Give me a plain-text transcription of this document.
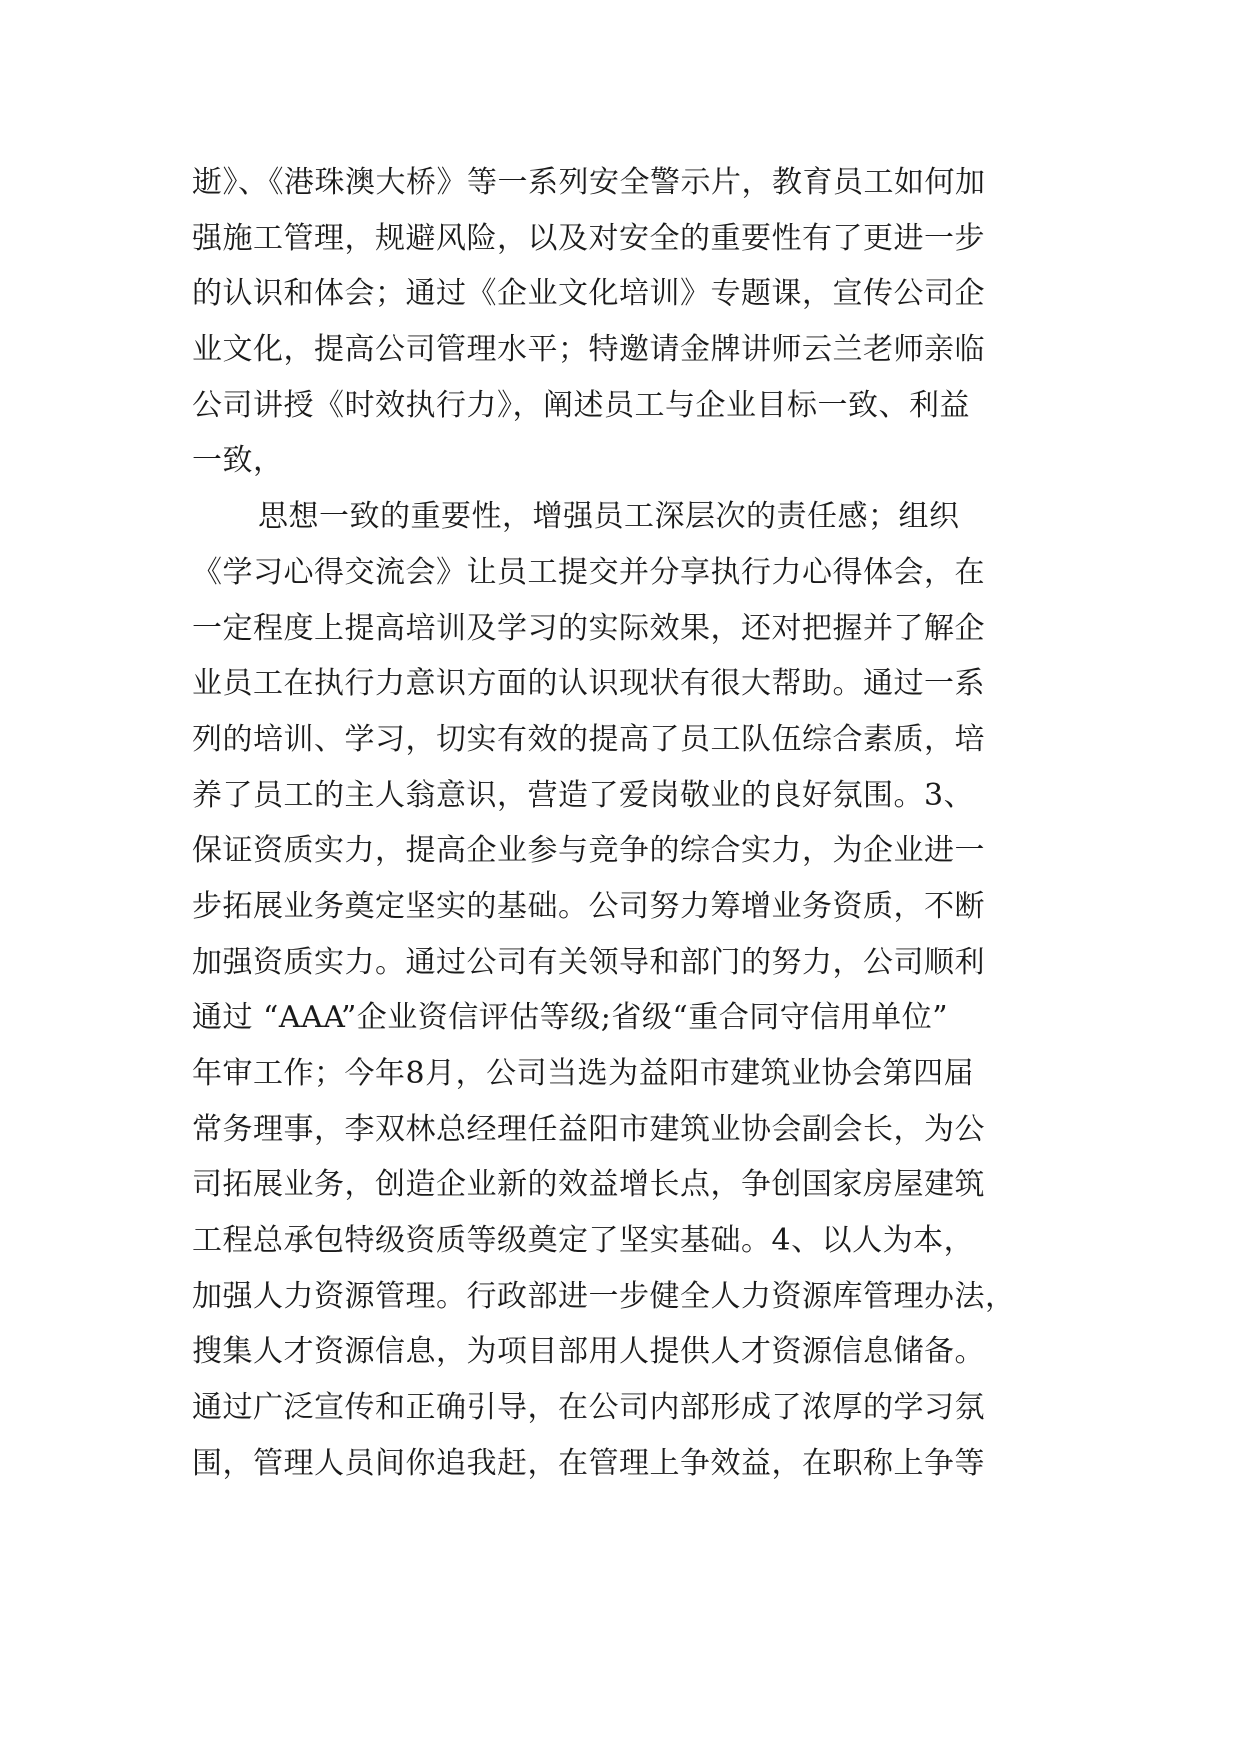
逝》、《港珠澳大桥》等一系列安全警示片，教育员工如何加
强施工管理，规避风险，以及对安全的重要性有了更进一步
的认识和体会；通过《企业文化培训》专题课，宣传公司企
业文化，提高公司管理水平；特邀请金牌讲师云兰老师亲临
公司讲授《时效执行力》，阐述员工与企业目标一致、利益
一致，
思想一致的重要性，增强员工深层次的责任感；组织
《学习心得交流会》让员工提交并分享执行力心得体会，在
一定程度上提高培训及学习的实际效果，还对把握并了解企
业员工在执行力意识方面的认识现状有很大帮助。通过一系
列的培训、学习，切实有效的提高了员工队伍综合素质，培
养了员工的主人翁意识，营造了爱岗敬业的良好氛围。3、
保证资质实力，提高企业参与竞争的综合实力，为企业进一
步拓展业务奠定坚实的基础。公司努力筹增业务资质，不断
加强资质实力。通过公司有关领导和部门的努力，公司顺利
通过 “AAA”企业资信评估等级;省级“重合同守信用单位”
年审工作；今年8月，公司当选为益阳市建筑业协会第四届
常务理事，李双林总经理任益阳市建筑业协会副会长，为公
司拓展业务，创造企业新的效益增长点，争创国家房屋建筑
工程总承包特级资质等级奠定了坚实基础。4、以人为本，
加强人力资源管理。行政部进一步健全人力资源库管理办法，
搜集人才资源信息，为项目部用人提供人才资源信息储备。
通过广泛宣传和正确引导，在公司内部形成了浓厚的学习氛
围，管理人员间你追我赶，在管理上争效益，在职称上争等
